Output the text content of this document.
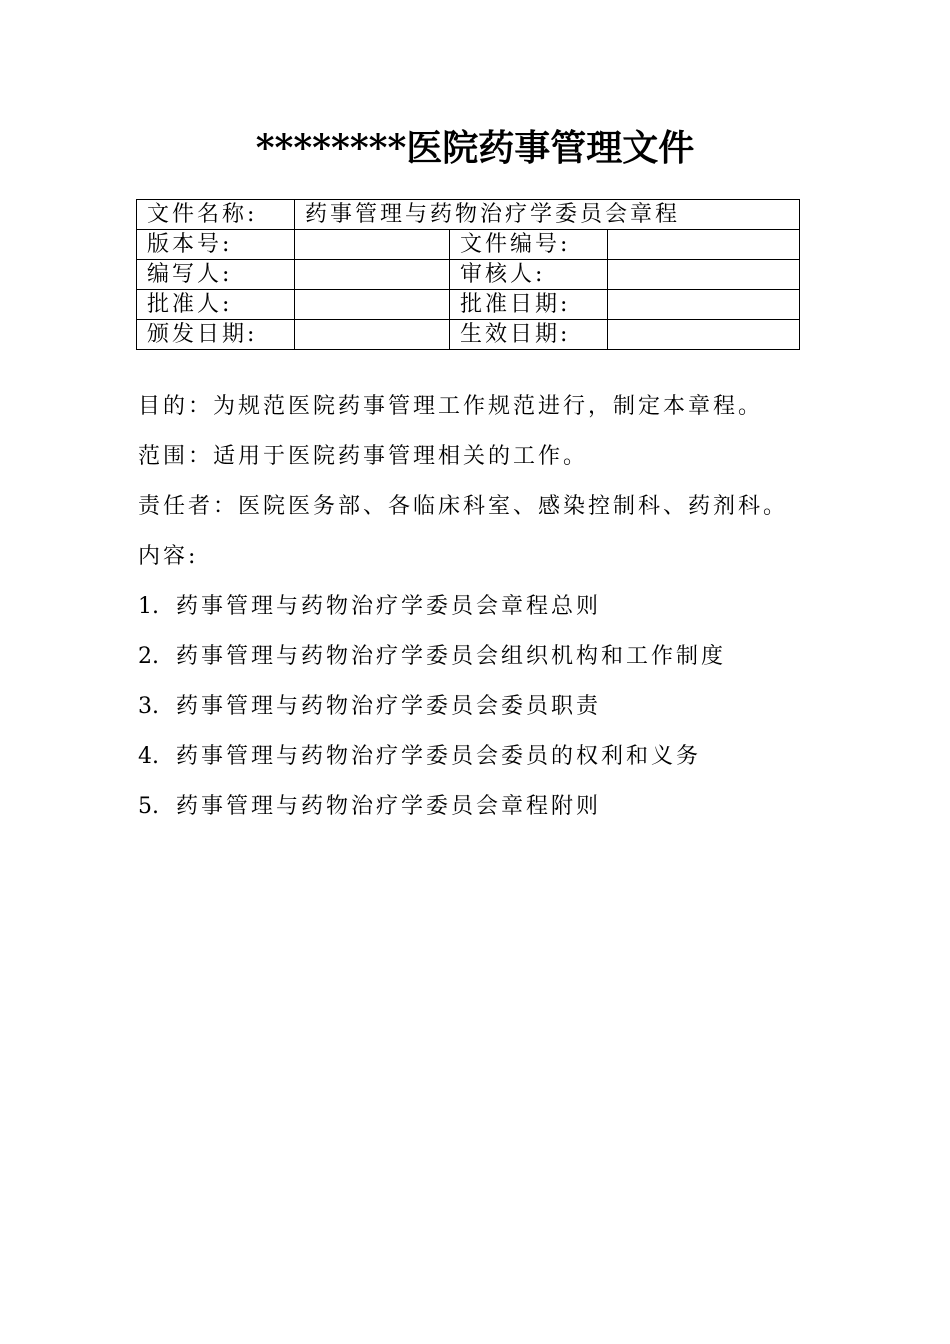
********医院药事管理文件
文件名称:	药事管理与药物治疗学委员会章程		
版本号:		文件编号:	
编写人:		审核人:	
批准人:		批准日期:	
颁发日期:		生效日期:	
目的：为规范医院药事管理工作规范进行，制定本章程。
范围：适用于医院药事管理相关的工作。
责任者：医院医务部、各临床科室、感染控制科、药剂科。
内容:
1. 药事管理与药物治疗学委员会章程总则
2. 药事管理与药物治疗学委员会组织机构和工作制度
3. 药事管理与药物治疗学委员会委员职责
4. 药事管理与药物治疗学委员会委员的权利和义务
5. 药事管理与药物治疗学委员会章程附则
